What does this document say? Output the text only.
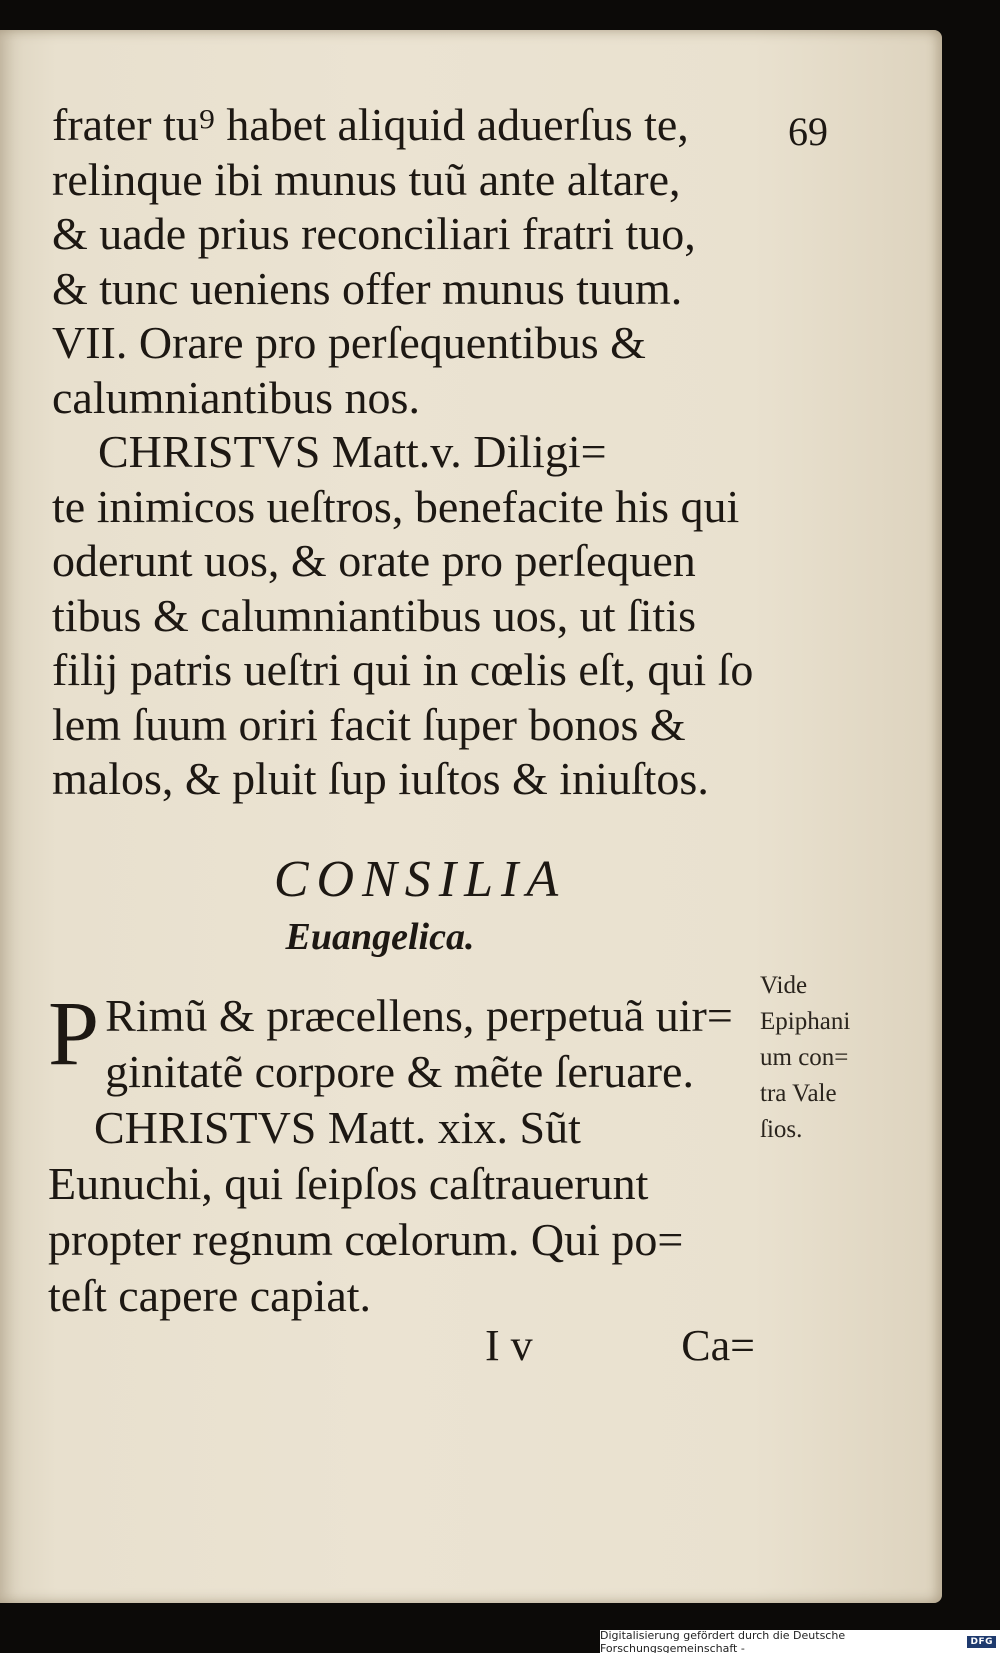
69

frater tu⁹ habet aliquid aduerſus te,

relinque ibi munus tuũ ante altare,

& uade prius reconciliari fratri tuo,

& tunc ueniens offer munus tuum.

VII. Orare pro perſequentibus &

calumniantibus nos.

CHRISTVS Matt.v. Diligi=

te inimicos ueſtros, benefacite his qui

oderunt uos, & orate pro perſequen

tibus & calumniantibus uos, ut ſitis

filij patris ueſtri qui in cœlis eſt, qui ſo

lem ſuum oriri facit ſuper bonos &

malos, & pluit ſup iuſtos & iniuſtos.

CONSILIA
Euangelica.
P Rimũ & præcellens, perpetuã uir=

ginitatẽ corpore & mẽte ſeruare.

CHRISTVS Matt. xix. Sũt

Eunuchi, qui ſeipſos caſtrauerunt

propter regnum cœlorum. Qui po=

teſt capere capiat.

Vide
Epiphani
um con=
tra Vale
ſios.
I v	Ca=
Digitalisierung gefördert durch die Deutsche Forschungsgemeinschaft -	DFG
